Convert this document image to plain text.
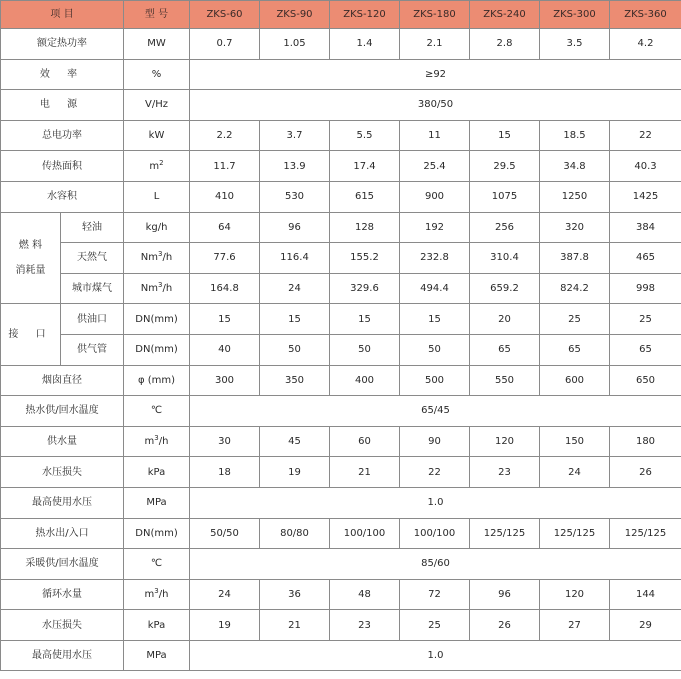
项 目		型 号	ZKS-60	ZKS-90	ZKS-120	ZKS-180	ZKS-240	ZKS-300	ZKS-360
额定热功率		MW	0.7	1.05	1.4	2.1	2.8	3.5	4.2
效 率		%	≥92						
电 源		V/Hz	380/50						
总电功率		kW	2.2	3.7	5.5	11	15	18.5	22
传热面积		$m^2$	11.7	13.9	17.4	25.4	29.5	34.8	40.3
水容积		L	410	530	615	900	1075	1250	1425

燃 料
消耗量	轻油	kg/h	64	96	128	192	256	320	384
	天然气	Nm$^3$/h	77.6	116.4	155.2	232.8	310.4	387.8	465
	城市煤气	Nm$^3$/h	164.8	24	329.6	494.4	659.2	824.2	998
接 口	供油口	DN(mm)	15	15	15	15	20	25	25
	供气管	DN(mm)	40	50	50	50	65	65	65
烟囱直径		φ (mm)	300	350	400	500	550	600	650
热水供/回水温度		℃	65/45						
供水量		$m^3/h$	30	45	60	90	120	150	180
水压损失		kPa	18	19	21	22	23	24	26
最高使用水压		MPa	1.0						
热水出/入口		DN(mm)	50/50	80/80	100/100	100/100	125/125	125/125	125/125
采暖供/回水温度		℃	85/60						
循环水量		$m^3/h$	24	36	48	72	96	120	144
水压损失		kPa	19	21	23	25	26	27	29
最高使用水压		MPa	1.0						
